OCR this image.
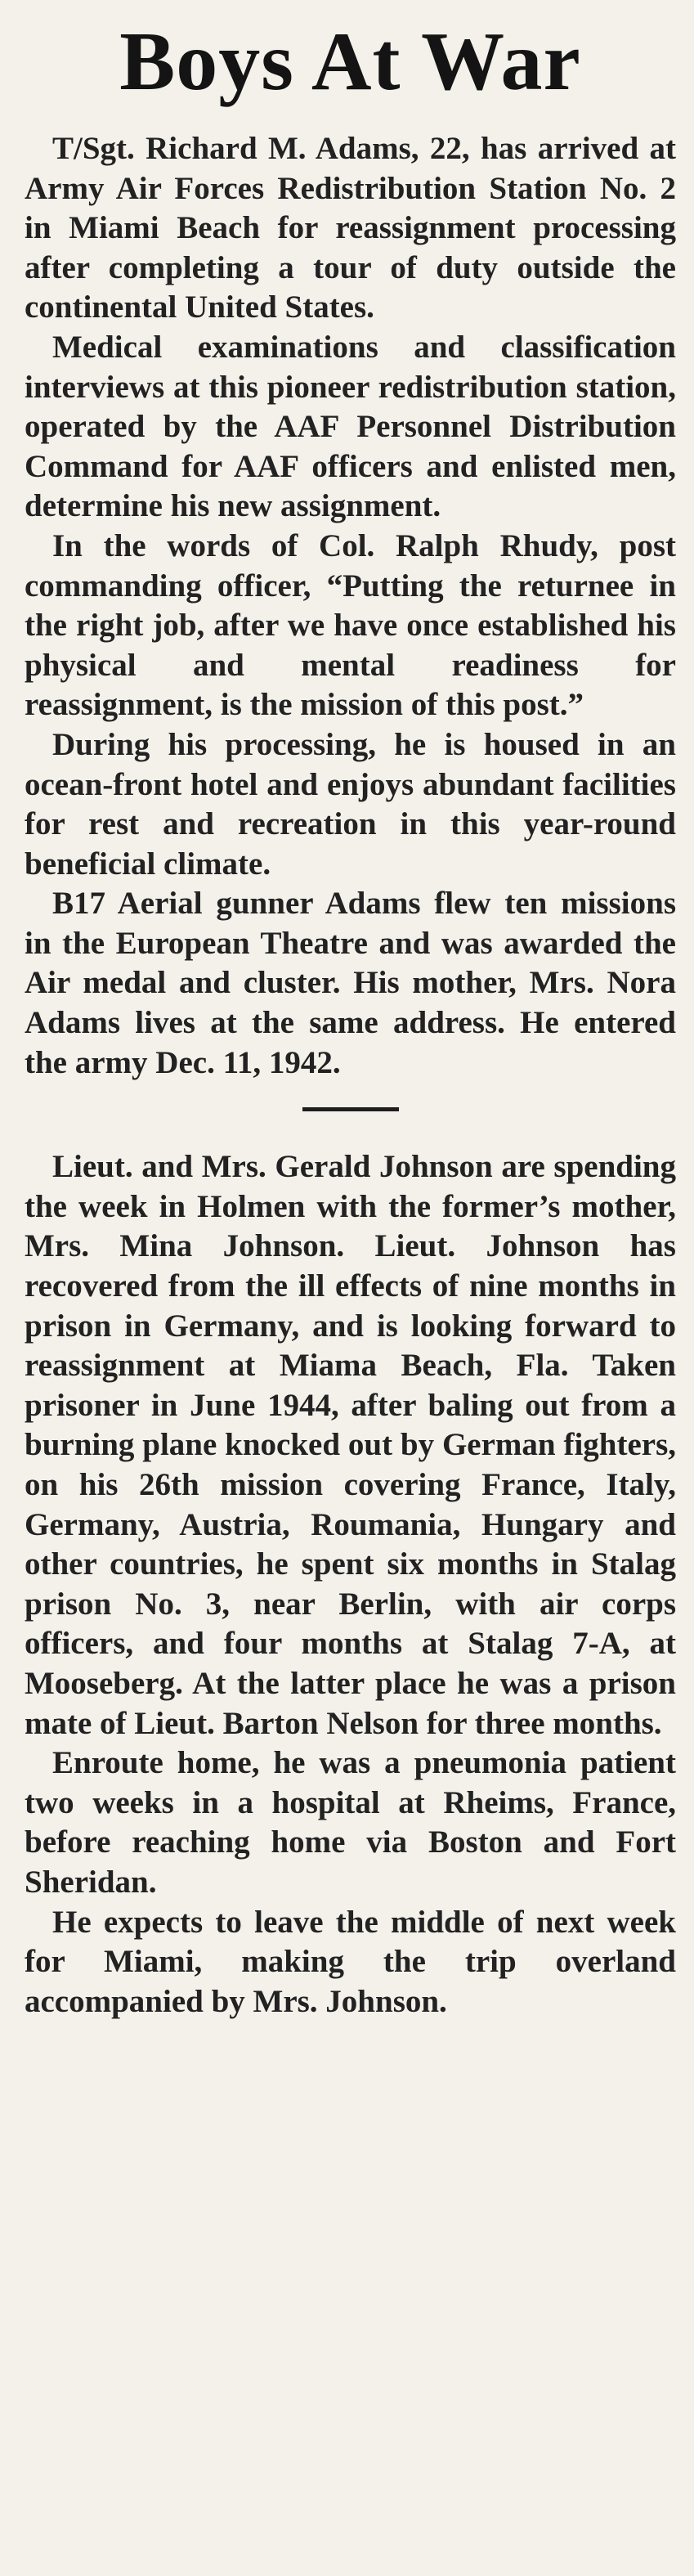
Boys At War

T/Sgt. Richard M. Adams, 22, has arrived at Army Air Forces Redistribution Station No. 2 in Miami Beach for reassignment processing after completing a tour of duty outside the continental United States.

Medical examinations and classification interviews at this pioneer redistribution station, operated by the AAF Personnel Distribution Command for AAF officers and enlisted men, determine his new assignment.

In the words of Col. Ralph Rhudy, post commanding officer, “Putting the returnee in the right job, after we have once established his physical and mental readiness for reassignment, is the mission of this post.”

During his processing, he is housed in an ocean-front hotel and enjoys abundant facilities for rest and recreation in this year-round beneficial climate.

B17 Aerial gunner Adams flew ten missions in the European Theatre and was awarded the Air medal and cluster. His mother, Mrs. Nora Adams lives at the same address. He entered the army Dec. 11, 1942.

Lieut. and Mrs. Gerald Johnson are spending the week in Holmen with the former’s mother, Mrs. Mina Johnson. Lieut. Johnson has recovered from the ill effects of nine months in prison in Germany, and is looking forward to reassignment at Miama Beach, Fla. Taken prisoner in June 1944, after baling out from a burning plane knocked out by German fighters, on his 26th mission covering France, Italy, Germany, Austria, Roumania, Hungary and other countries, he spent six months in Stalag prison No. 3, near Berlin, with air corps officers, and four months at Stalag 7-A, at Mooseberg. At the latter place he was a prison mate of Lieut. Barton Nelson for three months.

Enroute home, he was a pneumonia patient two weeks in a hospital at Rheims, France, before reaching home via Boston and Fort Sheridan.

He expects to leave the middle of next week for Miami, making the trip overland accompanied by Mrs. Johnson.
